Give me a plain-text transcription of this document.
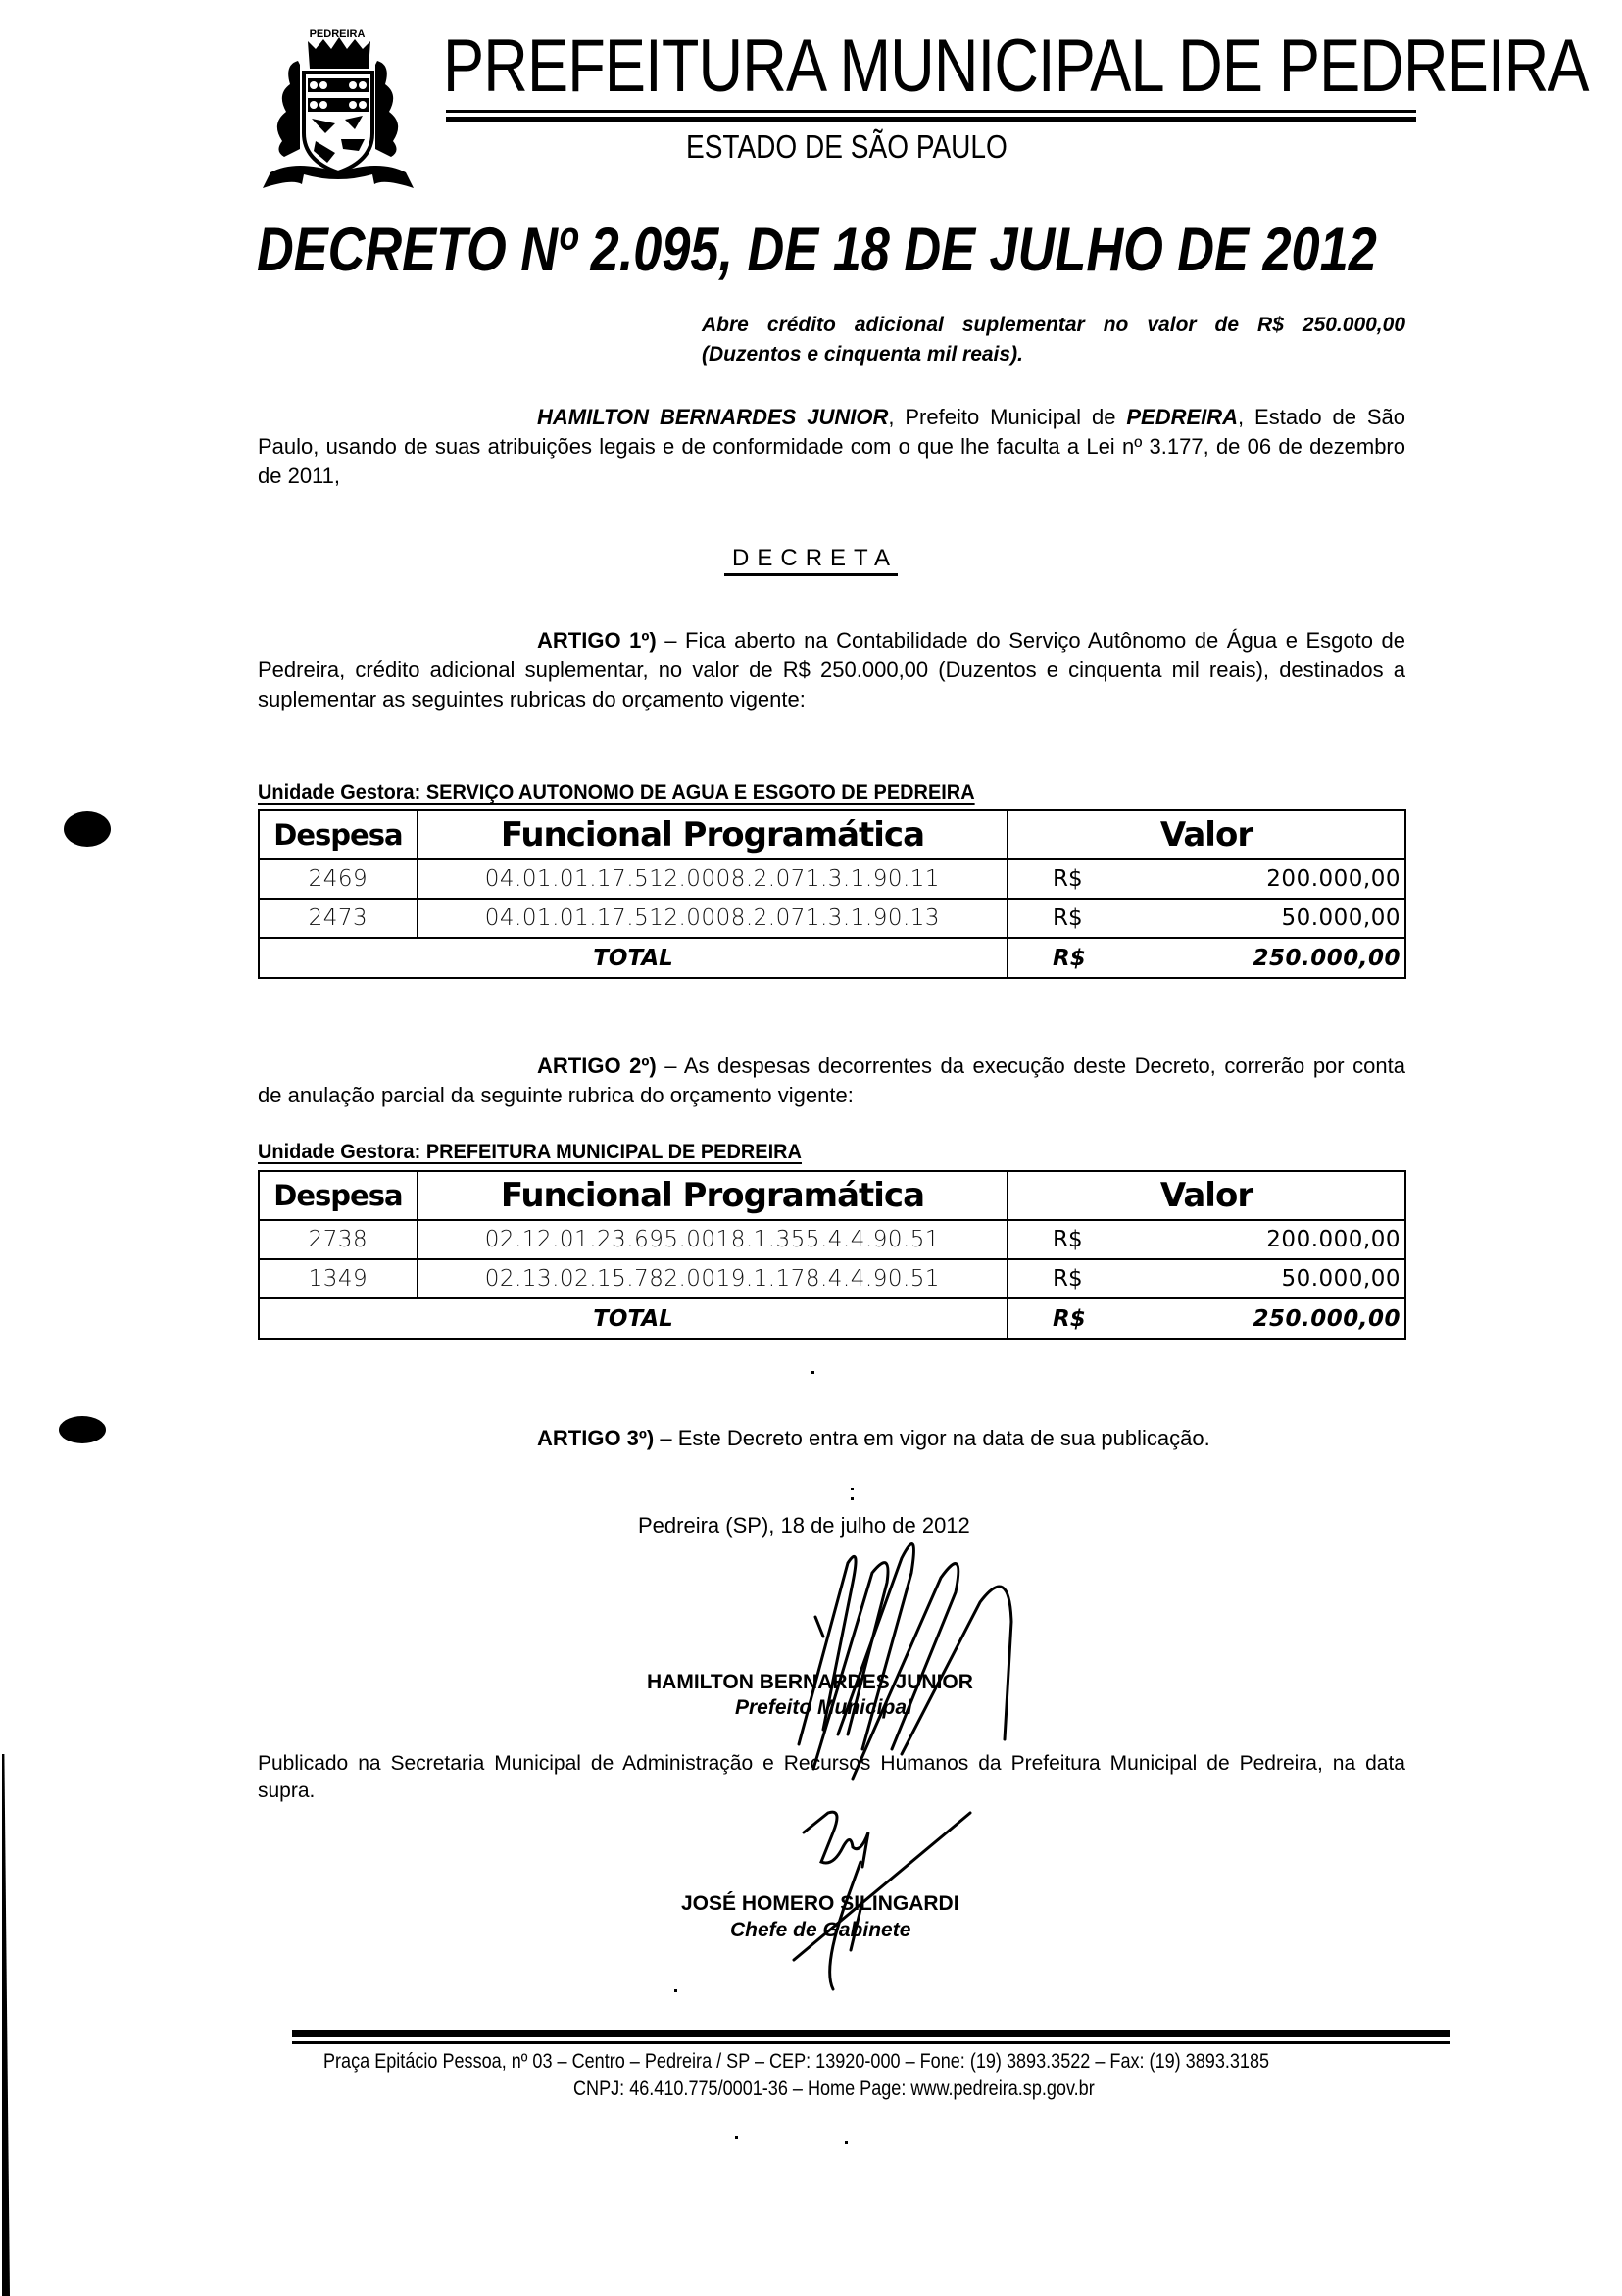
PEDREIRA PREFEITURA MUNICIPAL DE PEDREIRA
ESTADO DE SÃO PAULO
DECRETO Nº 2.095, DE 18 DE JULHO DE 2012
Abre crédito adicional suplementar no valor de R$ 250.000,00 (Duzentos e cinquenta mil reais).
HAMILTON BERNARDES JUNIOR, Prefeito Municipal de PEDREIRA, Estado de São Paulo, usando de suas atribuições legais e de conformidade com o que lhe faculta a Lei nº 3.177, de 06 de dezembro de 2011,
DECRETA
ARTIGO 1º) – Fica aberto na Contabilidade do Serviço Autônomo de Água e Esgoto de Pedreira, crédito adicional suplementar, no valor de R$ 250.000,00 (Duzentos e cinquenta mil reais), destinados a suplementar as seguintes rubricas do orçamento vigente:
Unidade Gestora: SERVIÇO AUTONOMO DE AGUA E ESGOTO DE PEDREIRA
Despesa	Funcional Programática	Valor	
2469	04.01.01.17.512.0008.2.071.3.1.90.11	R$	200.000,00
2473	04.01.01.17.512.0008.2.071.3.1.90.13	R$	50.000,00
TOTAL		R$	250.000,00
ARTIGO 2º) – As despesas decorrentes da execução deste Decreto, correrão por conta de anulação parcial da seguinte rubrica do orçamento vigente:
Unidade Gestora: PREFEITURA MUNICIPAL DE PEDREIRA
Despesa	Funcional Programática	Valor	
2738	02.12.01.23.695.0018.1.355.4.4.90.51	R$	200.000,00
1349	02.13.02.15.782.0019.1.178.4.4.90.51	R$	50.000,00
TOTAL		R$	250.000,00
ARTIGO 3º) – Este Decreto entra em vigor na data de sua publicação.
Pedreira (SP), 18 de julho de 2012
HAMILTON BERNARDES JUNIOR
Prefeito Municipal
Publicado na Secretaria Municipal de Administração e Recursos Humanos da Prefeitura Municipal de Pedreira, na data supra.
JOSÉ HOMERO SILINGARDI
Chefe de Gabinete
Praça Epitácio Pessoa, nº 03 – Centro – Pedreira / SP – CEP: 13920-000 – Fone: (19) 3893.3522 – Fax: (19) 3893.3185
CNPJ: 46.410.775/0001-36 – Home Page: www.pedreira.sp.gov.br
